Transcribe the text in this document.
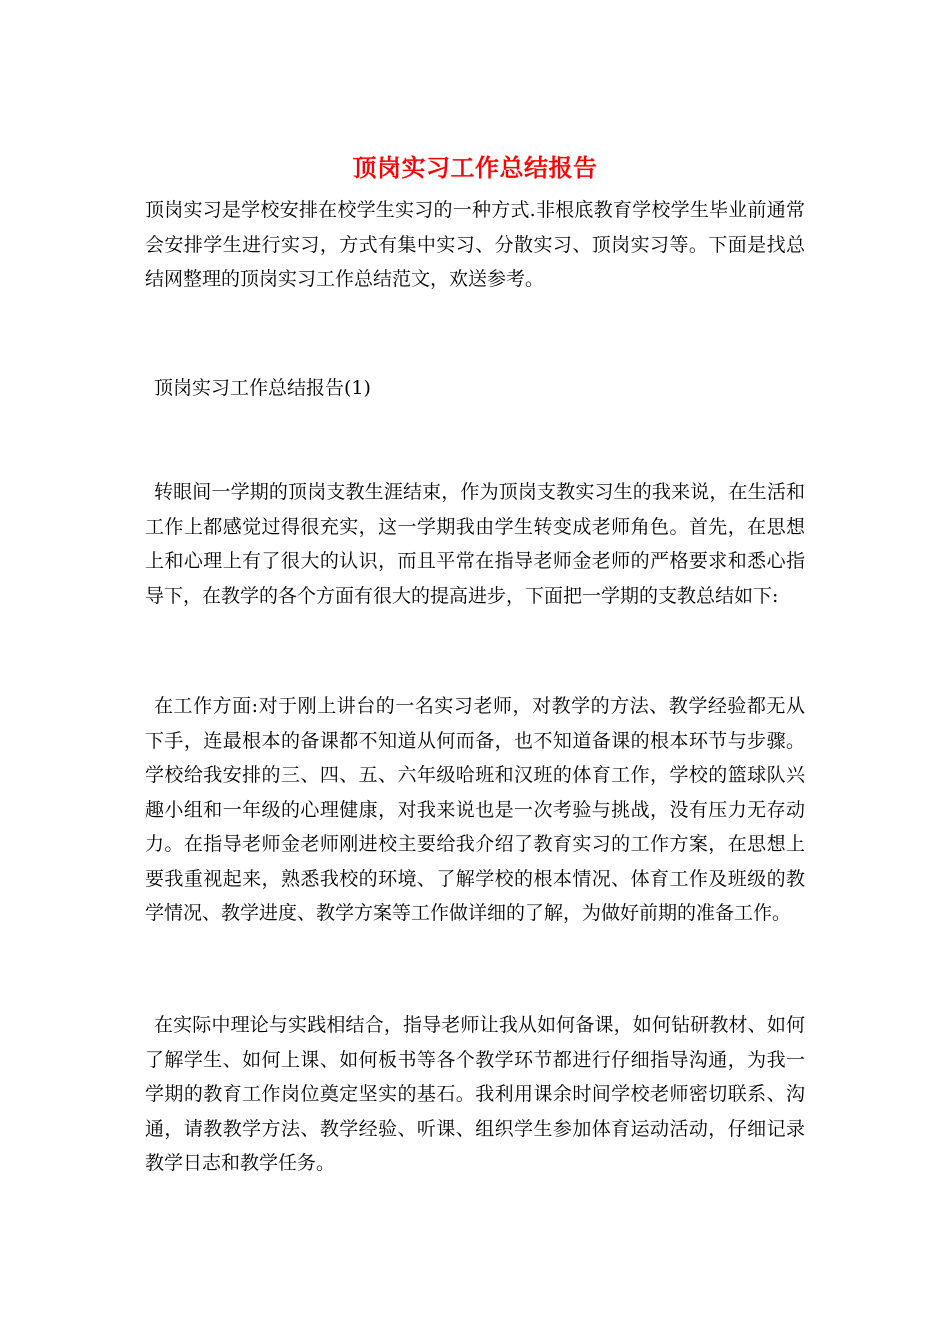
顶岗实习工作总结报告
顶岗实习是学校安排在校学生实习的一种方式.非根底教育学校学生毕业前通常会安排学生进行实习，方式有集中实习、分散实习、顶岗实习等。下面是找总结网整理的顶岗实习工作总结范文，欢送参考。
顶岗实习工作总结报告(1)
转眼间一学期的顶岗支教生涯结束，作为顶岗支教实习生的我来说，在生活和工作上都感觉过得很充实，这一学期我由学生转变成老师角色。首先，在思想上和心理上有了很大的认识，而且平常在指导老师金老师的严格要求和悉心指导下，在教学的各个方面有很大的提高进步，下面把一学期的支教总结如下:
在工作方面:对于刚上讲台的一名实习老师，对教学的方法、教学经验都无从下手，连最根本的备课都不知道从何而备，也不知道备课的根本环节与步骤。学校给我安排的三、四、五、六年级哈班和汉班的体育工作，学校的篮球队兴趣小组和一年级的心理健康，对我来说也是一次考验与挑战，没有压力无存动力。在指导老师金老师刚进校主要给我介绍了教育实习的工作方案，在思想上要我重视起来，熟悉我校的环境、了解学校的根本情况、体育工作及班级的教学情况、教学进度、教学方案等工作做详细的了解，为做好前期的准备工作。
在实际中理论与实践相结合，指导老师让我从如何备课，如何钻研教材、如何了解学生、如何上课、如何板书等各个教学环节都进行仔细指导沟通，为我一学期的教育工作岗位奠定坚实的基石。我利用课余时间学校老师密切联系、沟通，请教教学方法、教学经验、听课、组织学生参加体育运动活动，仔细记录教学日志和教学任务。
